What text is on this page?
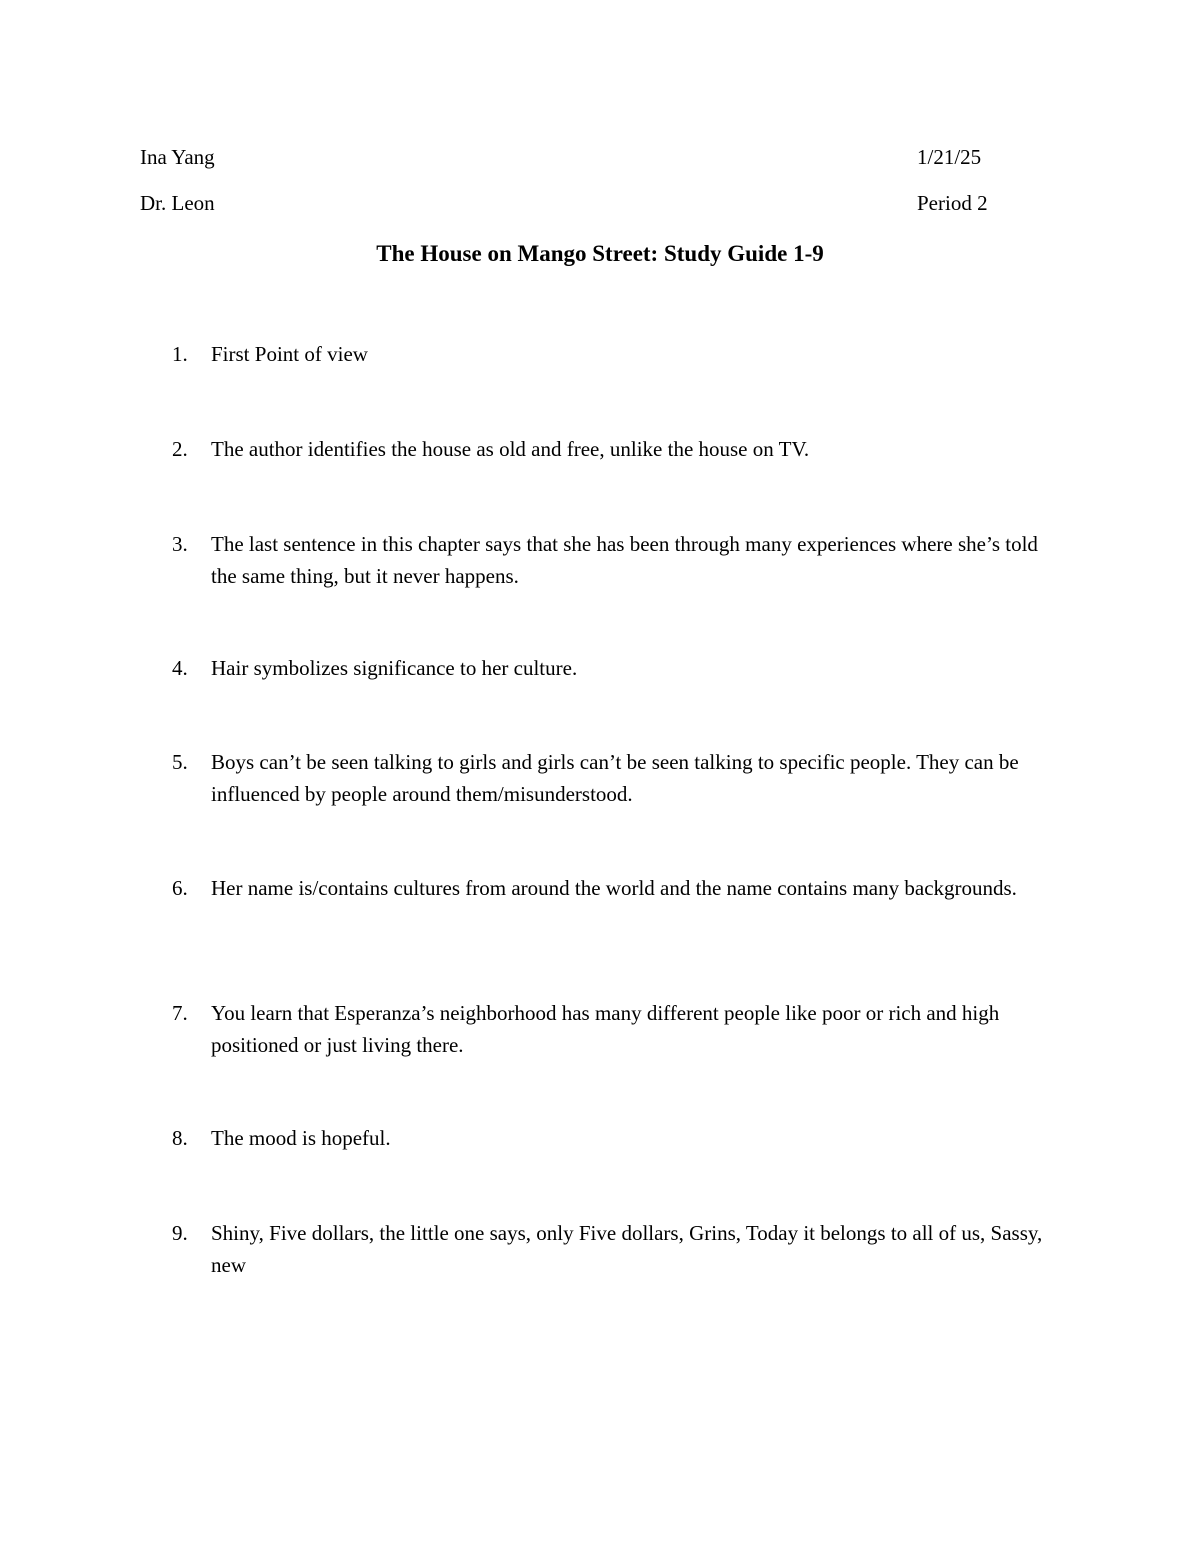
Ina Yang	1/21/25
Dr. Leon	Period 2
The House on Mango Street: Study Guide 1-9
1. First Point of view
2. The author identifies the house as old and free, unlike the house on TV.
3. The last sentence in this chapter says that she has been through many experiences where she’s told the same thing, but it never happens.
4. Hair symbolizes significance to her culture.
5. Boys can’t be seen talking to girls and girls can’t be seen talking to specific people. They can be influenced by people around them/misunderstood.
6. Her name is/contains cultures from around the world and the name contains many backgrounds.
7. You learn that Esperanza’s neighborhood has many different people like poor or rich and high positioned or just living there.
8. The mood is hopeful.
9. Shiny, Five dollars, the little one says, only Five dollars, Grins, Today it belongs to all of us, Sassy, new
